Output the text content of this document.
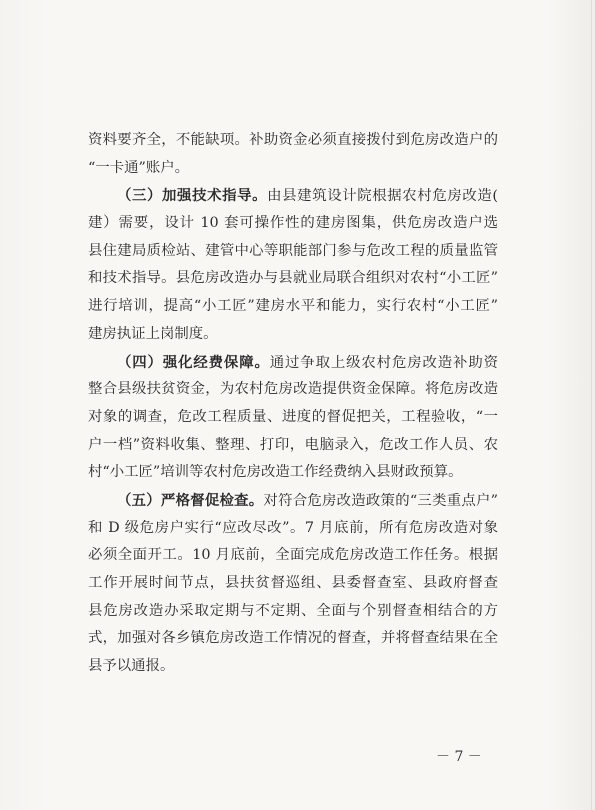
资料要齐全，不能缺项。补助资金必须直接拨付到危房改造户的
“一卡通”账户。
（三）加强技术指导。由县建筑设计院根据农村危房改造(
建）需要，设计 10 套可操作性的建房图集，供危房改造户选
县住建局质检站、建管中心等职能部门参与危改工程的质量监管
和技术指导。县危房改造办与县就业局联合组织对农村“小工匠”
进行培训，提高“小工匠”建房水平和能力，实行农村“小工匠”
建房执证上岗制度。
（四）强化经费保障。通过争取上级农村危房改造补助资
整合县级扶贫资金，为农村危房改造提供资金保障。将危房改造
对象的调查，危改工程质量、进度的督促把关，工程验收，“一
户一档”资料收集、整理、打印，电脑录入，危改工作人员、农
村“小工匠”培训等农村危房改造工作经费纳入县财政预算。
（五）严格督促检查。对符合危房改造政策的“三类重点户”
和 D 级危房户实行“应改尽改”。7 月底前，所有危房改造对象
必须全面开工。10 月底前，全面完成危房改造工作任务。根据
工作开展时间节点，县扶贫督巡组、县委督查室、县政府督查
县危房改造办采取定期与不定期、全面与个别督查相结合的方
式，加强对各乡镇危房改造工作情况的督查，并将督查结果在全
县予以通报。
－ 7 －
